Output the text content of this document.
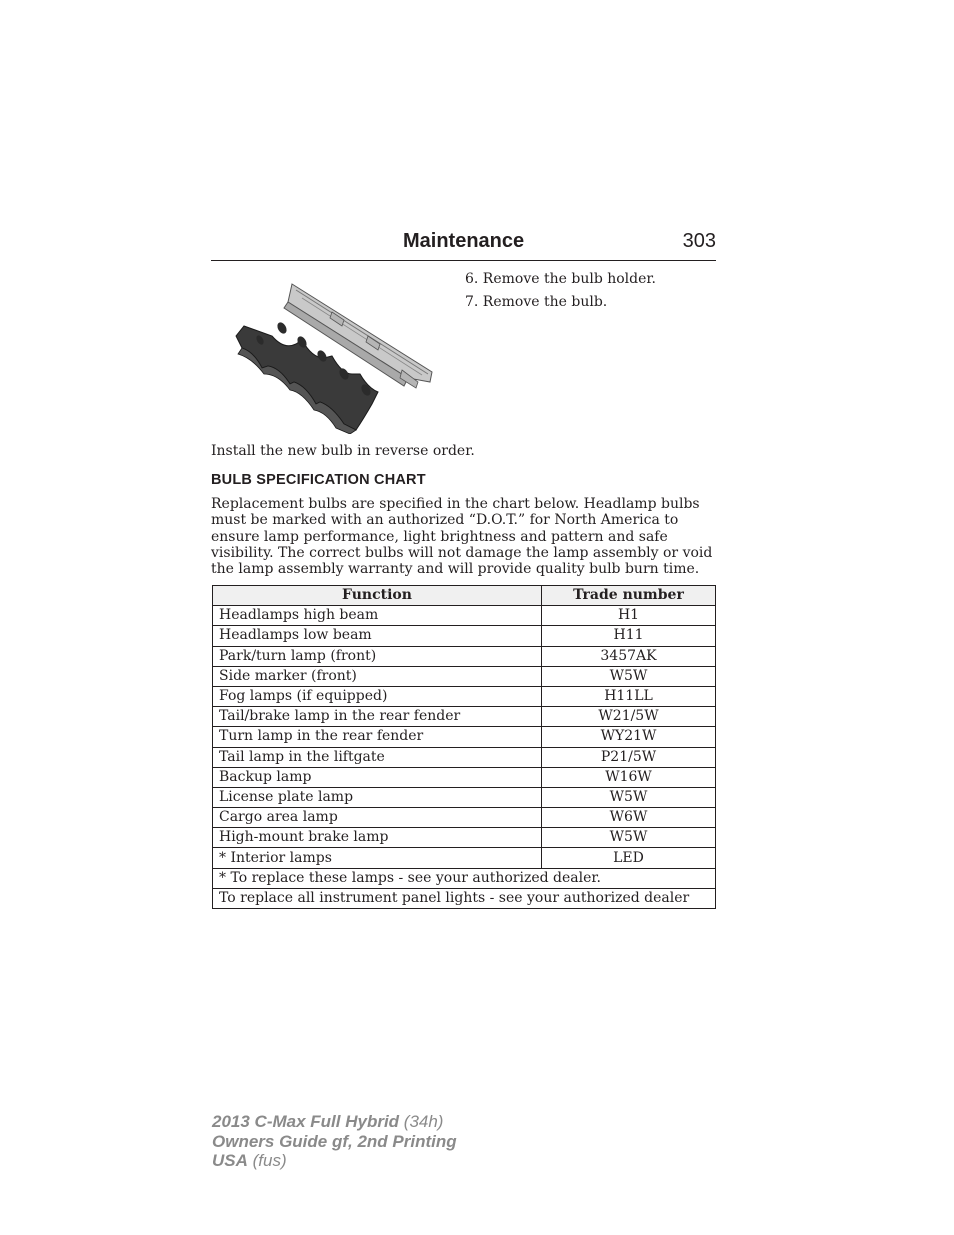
Maintenance	303
6. Remove the bulb holder.
7. Remove the bulb.
Install the new bulb in reverse order.
BULB SPECIFICATION CHART

Replacement bulbs are specified in the chart below. Headlamp bulbs must be marked with an authorized “D.O.T.” for North America to ensure lamp performance, light brightness and pattern and safe visibility. The correct bulbs will not damage the lamp assembly or void the lamp assembly warranty and will provide quality bulb burn time.

Function	Trade number
Headlamps high beam	H1
Headlamps low beam	H11
Park/turn lamp (front)	3457AK
Side marker (front)	W5W
Fog lamps (if equipped)	H11LL
Tail/brake lamp in the rear fender	W21/5W
Turn lamp in the rear fender	WY21W
Tail lamp in the liftgate	P21/5W
Backup lamp	W16W
License plate lamp	W5W
Cargo area lamp	W6W
High-mount brake lamp	W5W
* Interior lamps	LED
* To replace these lamps - see your authorized dealer.	
To replace all instrument panel lights - see your authorized dealer	
2013 C-Max Full Hybrid (34h)
Owners Guide gf, 2nd Printing
USA (fus)
